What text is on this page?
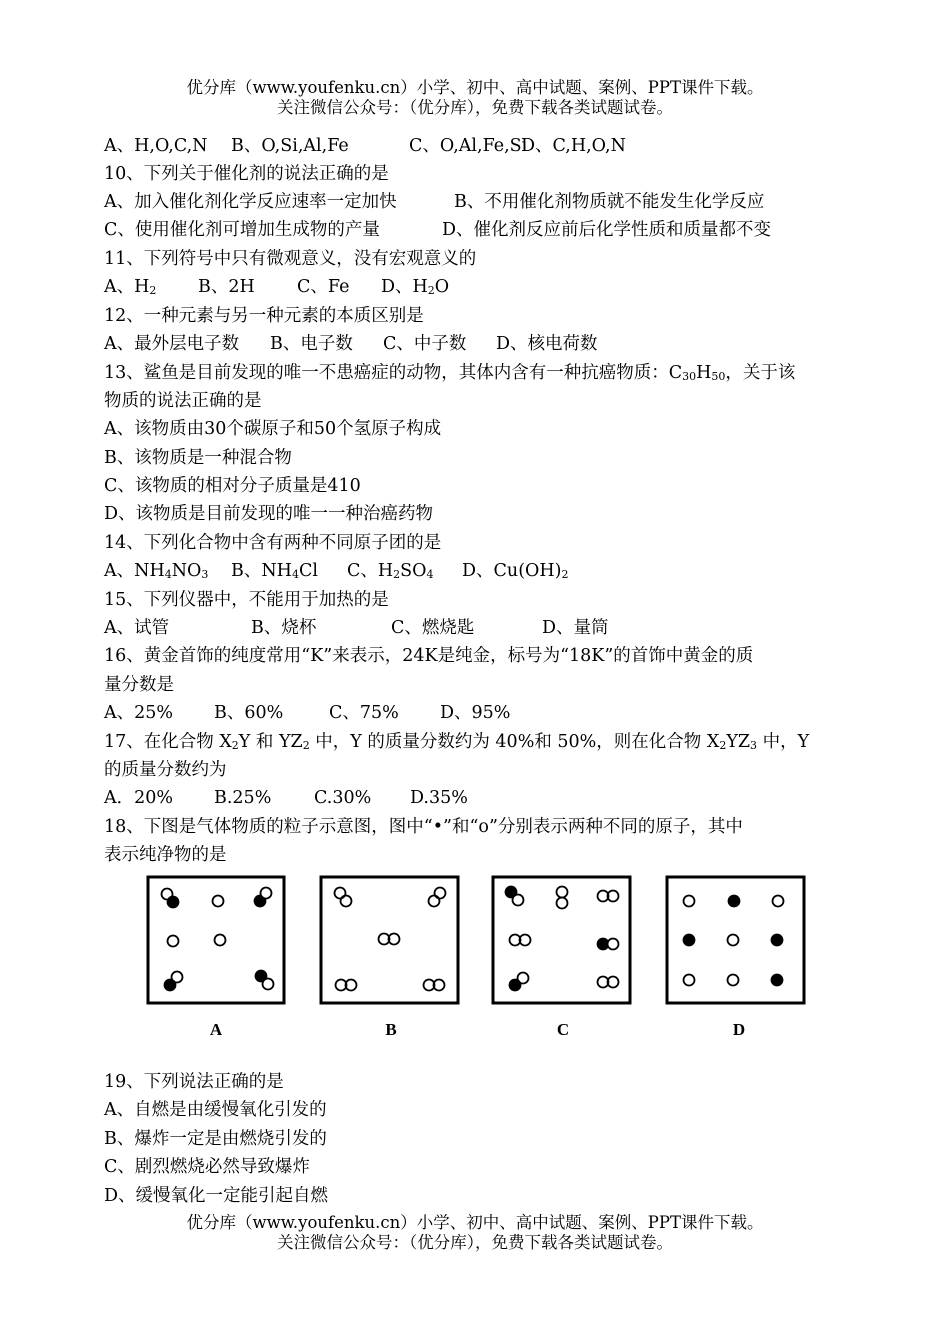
优分库（www.youfenku.cn）小学、初中、高中试题、案例、PPT课件下载。
关注微信公众号：（优分库），免费下载各类试题试卷。
A、H,O,C,N B、O,Si,Al,Fe	C、O,Al,Fe,SiD、C,H,O,N
10、下列关于催化剂的说法正确的是
A、加入催化剂化学反应速率一定加快	B、不用催化剂物质就不能发生化学反应
C、使用催化剂可增加生成物的产量	D、催化剂反应前后化学性质和质量都不变
11、下列符号中只有微观意义，没有宏观意义的
A、$H_2$ B、2H C、Fe D、$H_2O$
12、一种元素与另一种元素的本质区别是
A、最外层电子数 B、电子数 C、中子数 D、核电荷数
13、鲨鱼是目前发现的唯一不患癌症的动物，其体内含有一种抗癌物质：$C_{30}H_{50}$，关于该
物质的说法正确的是
A、该物质由30个碳原子和50个氢原子构成
B、该物质是一种混合物
C、该物质的相对分子质量是410
D、该物质是目前发现的唯一一种治癌药物
14、下列化合物中含有两种不同原子团的是
A、$NH_4NO_3$ B、$NH_4Cl$ C、$H_2SO_4$ D、$Cu(OH)_2$
15、下列仪器中，不能用于加热的是
A、试管	B、烧杯	C、燃烧匙	D、量筒
16、黄金首饰的纯度常用“K”来表示，24K是纯金，标号为“18K”的首饰中黄金的质
量分数是
A、25% B、60%	C、75% D、95%
17、在化合物 $X_2Y$ 和 $YZ_2$ 中，Y 的质量分数约为 40%和 50%，则在化合物 $X_2YZ_3$ 中，Y
的质量分数约为
A．20% B.25% C.30% D.35%
18、下图是气体物质的粒子示意图，图中“•”和“o”分别表示两种不同的原子，其中
表示纯净物的是
A	B	C	D
19、下列说法正确的是
A、自燃是由缓慢氧化引发的
B、爆炸一定是由燃烧引发的
C、剧烈燃烧必然导致爆炸
D、缓慢氧化一定能引起自燃
优分库（www.youfenku.cn）小学、初中、高中试题、案例、PPT课件下载。
关注微信公众号：（优分库），免费下载各类试题试卷。
